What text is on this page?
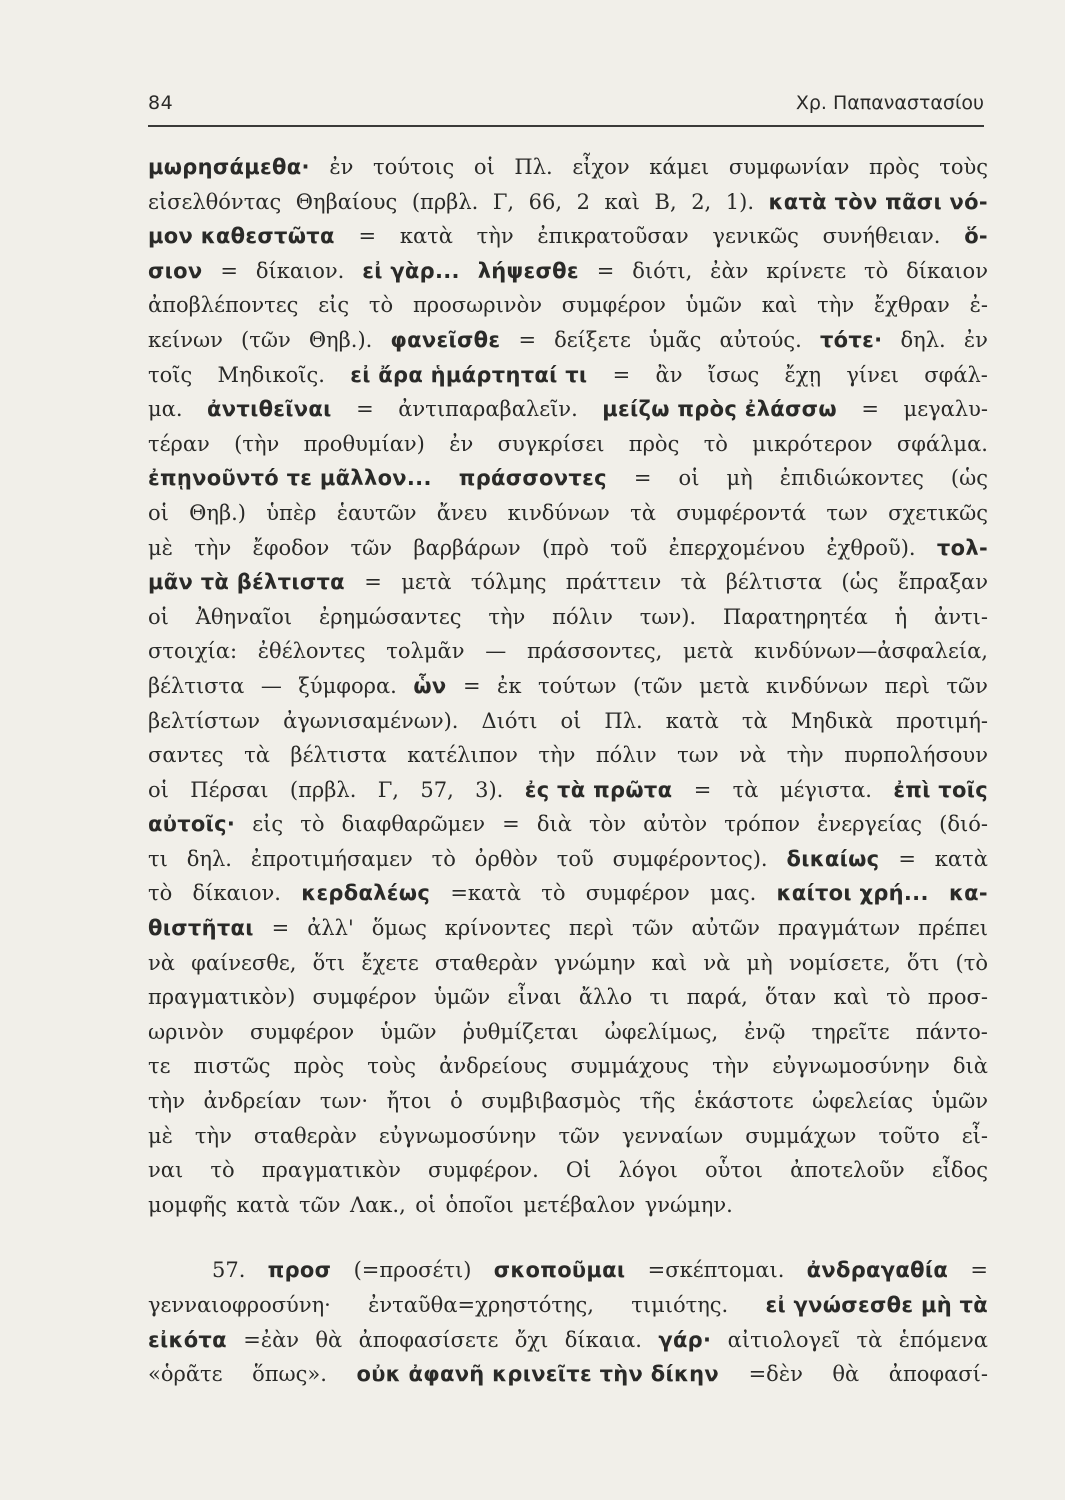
84	Χρ. Παπαναστασίου
μωρησάμεθα· ἐν τούτοις οἱ Πλ. εἶχον κάμει συμφωνίαν πρὸς τοὺς
εἰσελθόντας Θηβαίους (πρβλ. Γ, 66, 2 καὶ Β, 2, 1). κατὰ τὸν πᾶσι νό-
μον καθεστῶτα = κατὰ τὴν ἐπικρατοῦσαν γενικῶς συνήθειαν. ὅ-
σιον = δίκαιον. εἰ γὰρ... λήψεσθε = διότι, ἐὰν κρίνετε τὸ δίκαιον
ἀποβλέποντες εἰς τὸ προσωρινὸν συμφέρον ὑμῶν καὶ τὴν ἔχθραν ἐ-
κείνων (τῶν Θηβ.). φανεῖσθε = δείξετε ὑμᾶς αὐτούς. τότε· δηλ. ἐν
τοῖς Μηδικοῖς. εἰ ἄρα ἡμάρτηταί τι = ἂν ἴσως ἔχῃ γίνει σφάλ-
μα. ἀντιθεῖναι = ἀντιπαραβαλεῖν. μείζω πρὸς ἐλάσσω = μεγαλυ-
τέραν (τὴν προθυμίαν) ἐν συγκρίσει πρὸς τὸ μικρότερον σφάλμα.
ἐπῃνοῦντό τε μᾶλλον... πράσσοντες = οἱ μὴ ἐπιδιώκοντες (ὡς
οἱ Θηβ.) ὑπὲρ ἑαυτῶν ἄνευ κινδύνων τὰ συμφέροντά των σχετικῶς
μὲ τὴν ἔφοδον τῶν βαρβάρων (πρὸ τοῦ ἐπερχομένου ἐχθροῦ). τολ-
μᾶν τὰ βέλτιστα = μετὰ τόλμης πράττειν τὰ βέλτιστα (ὡς ἔπραξαν
οἱ Ἀθηναῖοι ἐρημώσαντες τὴν πόλιν των). Παρατηρητέα ἡ ἀντι-
στοιχία: ἐθέλοντες τολμᾶν — πράσσοντες, μετὰ κινδύνων—ἀσφαλεία,
βέλτιστα — ξύμφορα. ὧν = ἐκ τούτων (τῶν μετὰ κινδύνων περὶ τῶν
βελτίστων ἀγωνισαμένων). Διότι οἱ Πλ. κατὰ τὰ Μηδικὰ προτιμή-
σαντες τὰ βέλτιστα κατέλιπον τὴν πόλιν των νὰ τὴν πυρπολήσουν
οἱ Πέρσαι (πρβλ. Γ, 57, 3). ἐς τὰ πρῶτα = τὰ μέγιστα. ἐπὶ τοῖς
αὐτοῖς· εἰς τὸ διαφθαρῶμεν = διὰ τὸν αὐτὸν τρόπον ἐνεργείας (διό-
τι δηλ. ἐπροτιμήσαμεν τὸ ὀρθὸν τοῦ συμφέροντος). δικαίως = κατὰ
τὸ δίκαιον. κερδαλέως =κατὰ τὸ συμφέρον μας. καίτοι χρή... κα-
θιστῆται = ἀλλ' ὅμως κρίνοντες περὶ τῶν αὐτῶν πραγμάτων πρέπει
νὰ φαίνεσθε, ὅτι ἔχετε σταθερὰν γνώμην καὶ νὰ μὴ νομίσετε, ὅτι (τὸ
πραγματικὸν) συμφέρον ὑμῶν εἶναι ἄλλο τι παρά, ὅταν καὶ τὸ προσ-
ωρινὸν συμφέρον ὑμῶν ῥυθμίζεται ὠφελίμως, ἐνῷ τηρεῖτε πάντο-
τε πιστῶς πρὸς τοὺς ἀνδρείους συμμάχους τὴν εὐγνωμοσύνην διὰ
τὴν ἀνδρείαν των· ἤτοι ὁ συμβιβασμὸς τῆς ἑκάστοτε ὠφελείας ὑμῶν
μὲ τὴν σταθερὰν εὐγνωμοσύνην τῶν γενναίων συμμάχων τοῦτο εἶ-
ναι τὸ πραγματικὸν συμφέρον. Οἱ λόγοι οὗτοι ἀποτελοῦν εἶδος
μομφῆς κατὰ τῶν Λακ., οἱ ὁποῖοι μετέβαλον γνώμην.
57. προσ (=προσέτι) σκοποῦμαι =σκέπτομαι. ἀνδραγαθία =
γενναιοφροσύνη· ἐνταῦθα=χρηστότης, τιμιότης. εἰ γνώσεσθε μὴ τὰ
εἰκότα =ἐὰν θὰ ἀποφασίσετε ὄχι δίκαια. γάρ· αἰτιολογεῖ τὰ ἑπόμενα
«ὁρᾶτε ὅπως». οὐκ ἀφανῆ κρινεῖτε τὴν δίκην =δὲν θὰ ἀποφασί-
